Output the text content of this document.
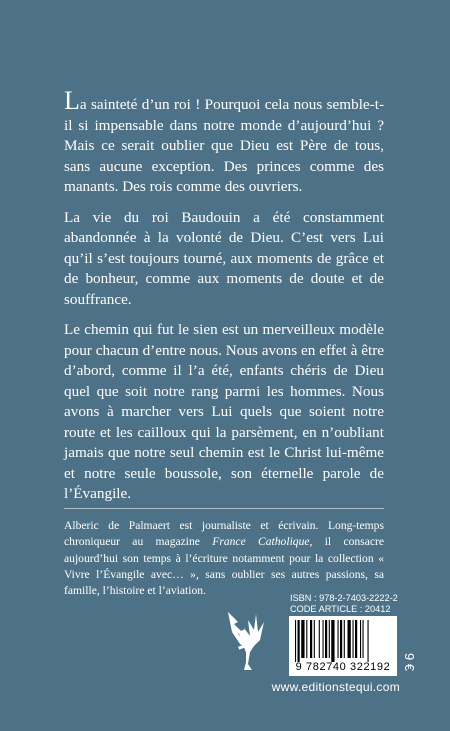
La sainteté d’un roi ! Pourquoi cela nous semble-t-il si impensable dans notre monde d’aujourd’hui ? Mais ce serait oublier que Dieu est Père de tous, sans aucune exception. Des princes comme des manants. Des rois comme des ouvriers.

La vie du roi Baudouin a été constamment abandonnée à la volonté de Dieu. C’est vers Lui qu’il s’est toujours tourné, aux moments de grâce et de bonheur, comme aux moments de doute et de souffrance.

Le chemin qui fut le sien est un merveilleux modèle pour chacun d’entre nous. Nous avons en effet à être d’abord, comme il l’a été, enfants chéris de Dieu quel que soit notre rang parmi les hommes. Nous avons à marcher vers Lui quels que soient notre route et les cailloux qui la parsèment, en n’oubliant jamais que notre seul chemin est le Christ lui-même et notre seule boussole, son éternelle parole de l’Évangile.

Alberic de Palmaert est journaliste et écrivain. Long-temps chroniqueur au magazine France Catholique, il consacre aujourd’hui son temps à l’écriture notamment pour la collection « Vivre l’Évangile avec… », sans oublier ses autres passions, sa famille, l’histoire et l’aviation.

ISBN : 978-2-7403-2222-2
CODE ARTICLE : 20412
9 782740 322192 9 €
www.editionstequi.com
